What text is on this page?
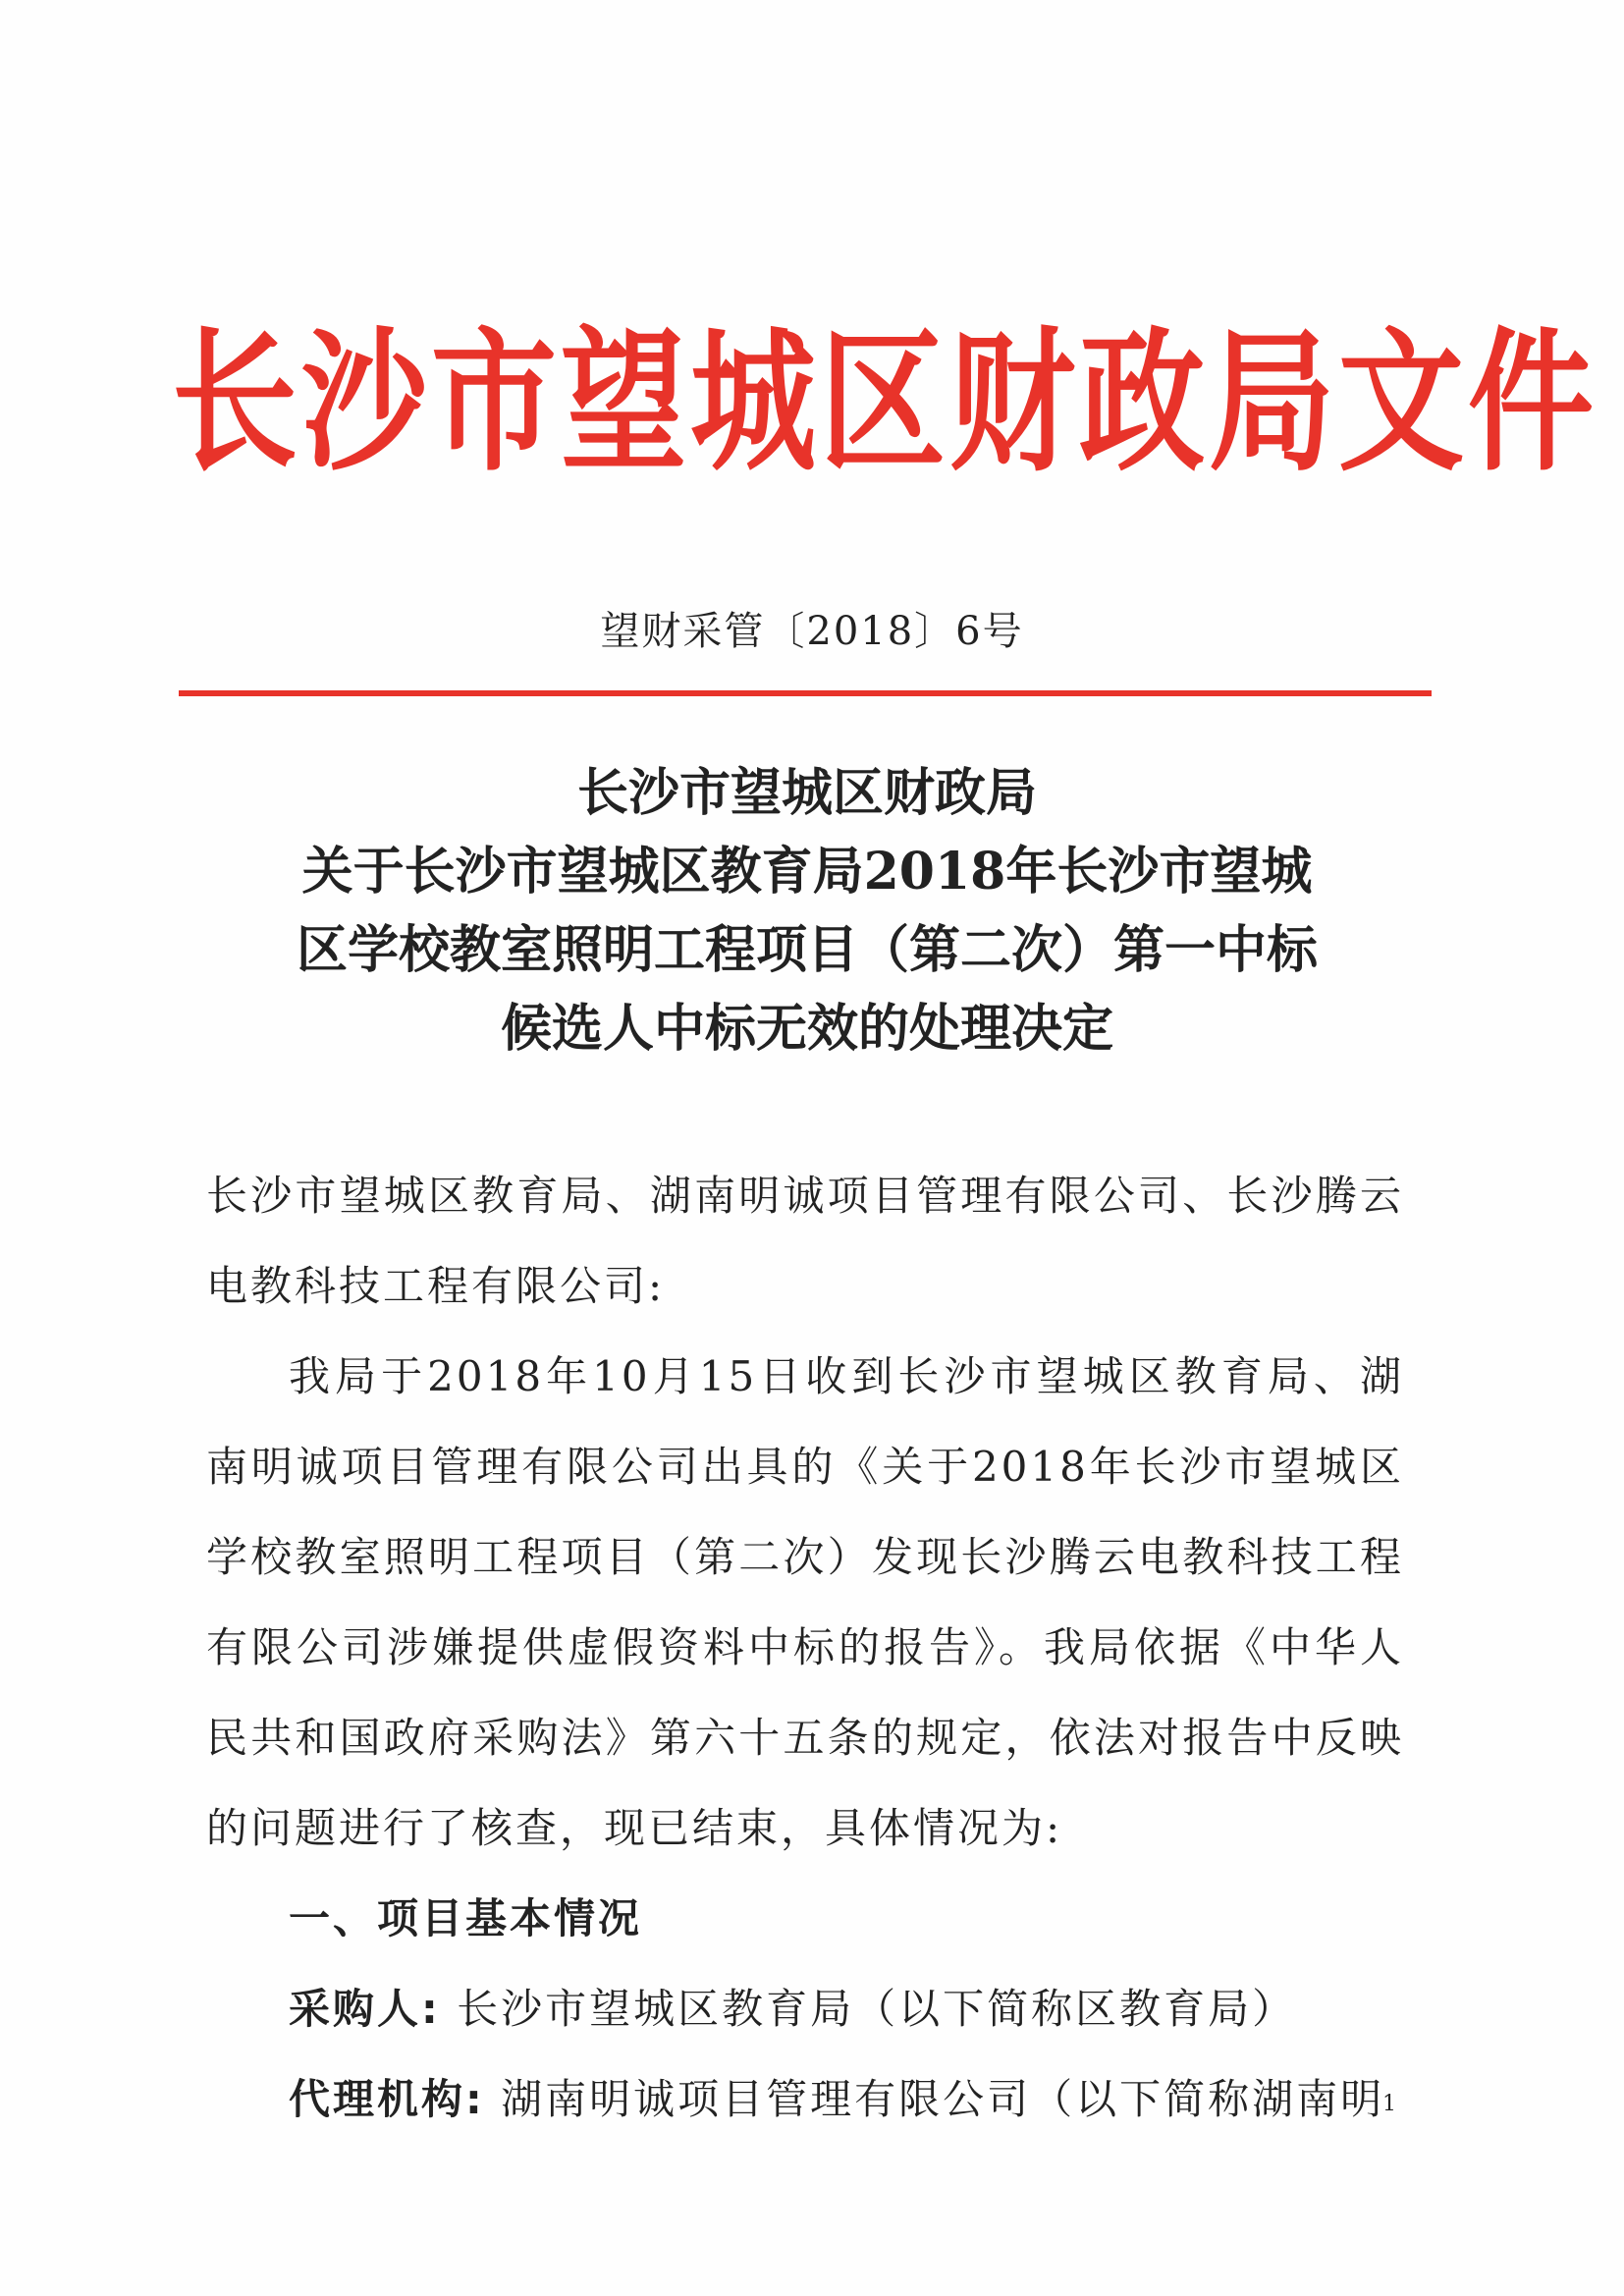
长沙市望城区财政局文件
望财采管〔2018〕6号
长沙市望城区财政局
关于长沙市望城区教育局2018年长沙市望城
区学校教室照明工程项目（第二次）第一中标
候选人中标无效的处理决定

长沙市望城区教育局、湖南明诚项目管理有限公司、长沙腾云电教科技工程有限公司:

我局于2018年10月15日收到长沙市望城区教育局、湖南明诚项目管理有限公司出具的《关于2018年长沙市望城区学校教室照明工程项目（第二次）发现长沙腾云电教科技工程有限公司涉嫌提供虚假资料中标的报告》。我局依据《中华人民共和国政府采购法》第六十五条的规定，依法对报告中反映的问题进行了核查，现已结束，具体情况为:

一、项目基本情况

采购人: 长沙市望城区教育局（以下简称区教育局）

代理机构: 湖南明诚项目管理有限公司（以下简称湖南明

1
